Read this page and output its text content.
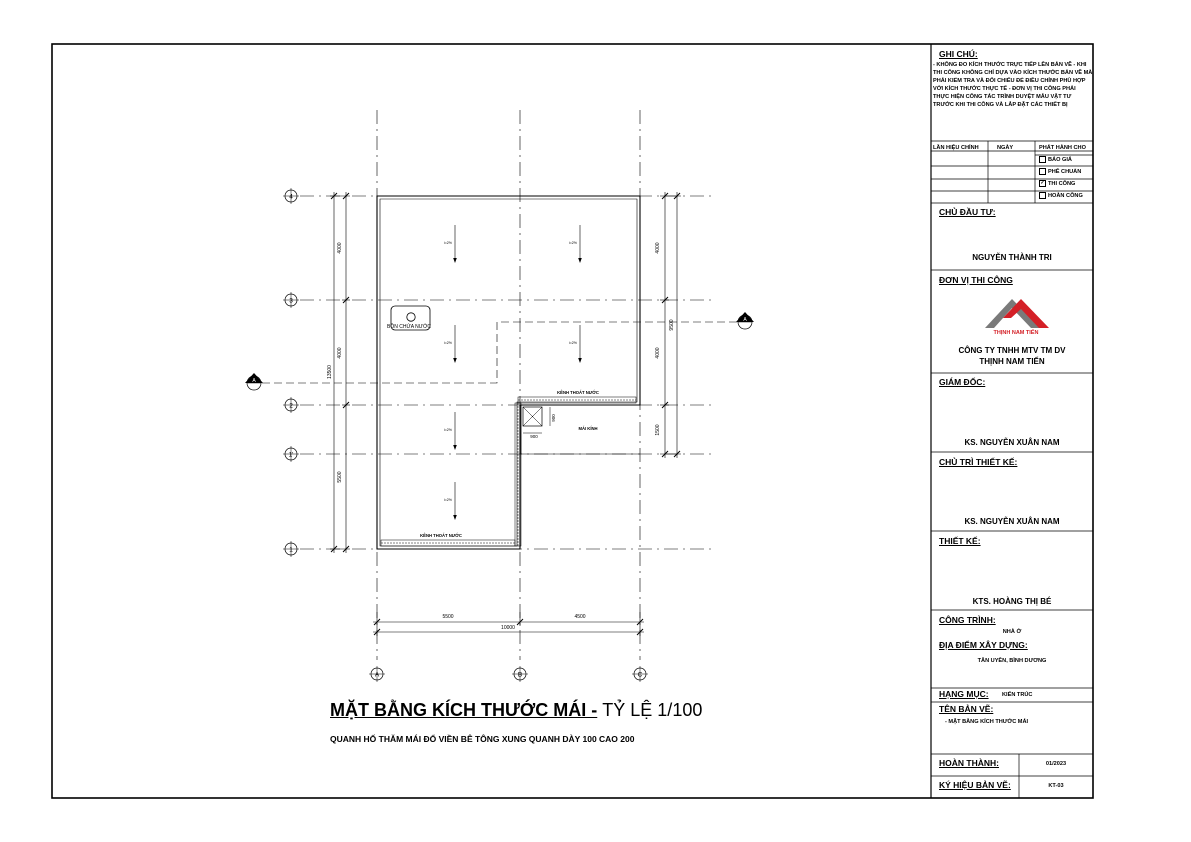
900
900
BỒN CHỨA NƯỚC
KÊNH THOÁT NƯỚC
KÊNH THOÁT NƯỚC
MÁI KÍNH
i=2%	i=2%
i=2%	i=2%
i=2%
i=2%
5500	4500
10000
4000
4000
5500
13500
4000
4000
1500
9500
4
3
2
1'
1
A	B	C
A
A
THỊNH NAM TIẾN
MẶT BẰNG KÍCH THƯỚC MÁI - TỶ LỆ 1/100
QUANH HỐ THĂM MÁI ĐỔ VIỀN BÊ TÔNG XUNG QUANH DÀY 100 CAO 200
GHI CHÚ:
- KHÔNG ĐO KÍCH THƯỚC TRỰC TIẾP LÊN BẢN VẼ - KHI THI CÔNG KHÔNG CHỈ DỰA VÀO KÍCH THƯỚC BẢN VẼ MÀ PHẢI KIỂM TRA VÀ ĐỐI CHIẾU ĐỂ ĐIỀU CHỈNH PHÙ HỢP VỚI KÍCH THƯỚC THỰC TẾ - ĐƠN VỊ THI CÔNG PHẢI THỰC HIỆN CÔNG TÁC TRÌNH DUYỆT MẪU VẬT TƯ TRƯỚC KHI THI CÔNG VÀ LẮP ĐẶT CÁC THIẾT BỊ
LẦN HIỆU CHỈNH	NGÀY	PHÁT HÀNH CHO
BÁO GIÁ
PHÊ CHUẨN
✓ THI CÔNG
HOÀN CÔNG
CHỦ ĐẦU TƯ:
NGUYỄN THÀNH TRI
ĐƠN VỊ THI CÔNG
CÔNG TY TNHH MTV TM DV
THỊNH NAM TIẾN
GIÁM ĐỐC:
KS. NGUYỄN XUÂN NAM
CHỦ TRÌ THIẾT KẾ:
KS. NGUYỄN XUÂN NAM
THIẾT KẾ:
KTS. HOÀNG THỊ BÉ
CÔNG TRÌNH:
NHÀ Ở
ĐỊA ĐIỂM XÂY DỰNG:
TÂN UYÊN, BÌNH DƯƠNG
HẠNG MỤC: KIẾN TRÚC
TÊN BẢN VẼ:
- MẶT BẰNG KÍCH THƯỚC MÁI
HOÀN THÀNH:	01/2023
KÝ HIỆU BẢN VẼ:	KT-03
